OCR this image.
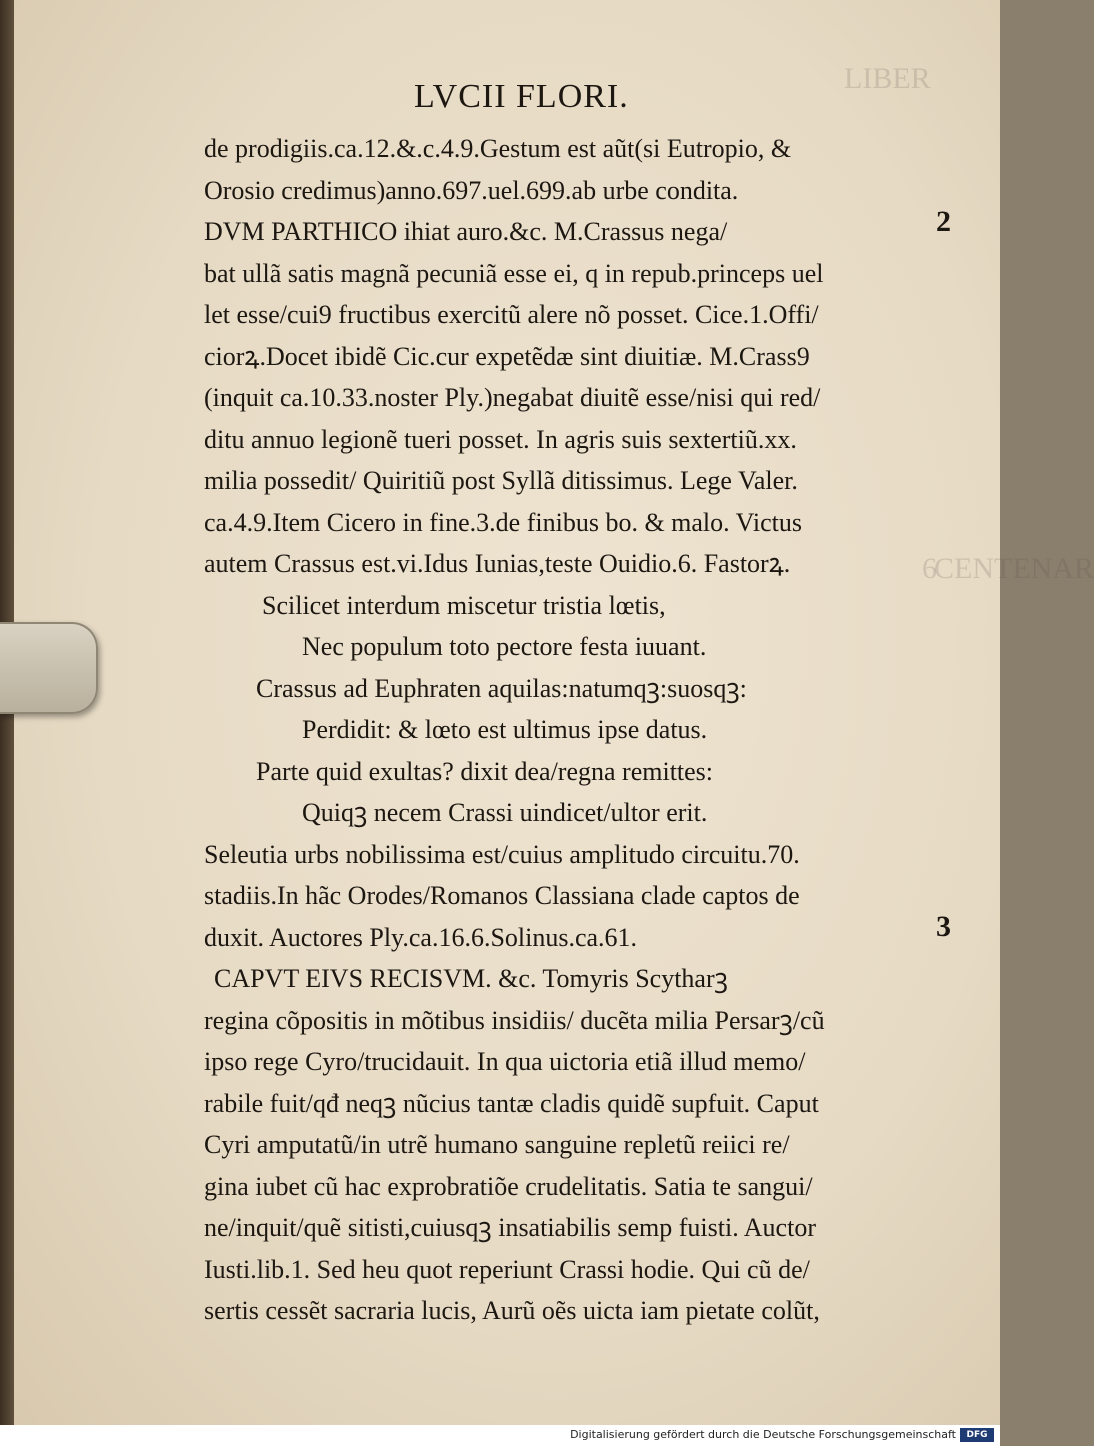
LIBER
CENTENAR
6
LVCII FLORI.
de prodigiis.ca.12.&.c.4.9.Gestum est aũt(si Eutropio, &
Orosio credimus)anno.697.uel.699.ab urbe condita.
DVM PARTHICO ihiat auro.&c. M.Crassus nega/
bat ullã satis magnã pecuniã esse ei, q in repub.princeps uel
let esse/cui9 fructibus exercitũ alere nõ posset. Cice.1.Offi/
ciorꝝ.Docet ibidẽ Cic.cur expetẽdæ sint diuitiæ. M.Crass9
(inquit ca.10.33.noster Ply.)negabat diuitẽ esse/nisi qui red/
ditu annuo legionẽ tueri posset. In agris suis sextertiũ.xx.
milia possedit/ Quiritiũ post Syllã ditissimus. Lege Valer.
ca.4.9.Item Cicero in fine.3.de finibus bo. & malo. Victus
autem Crassus est.vi.Idus Iunias,teste Ouidio.6. Fastorꝝ.
Scilicet interdum miscetur tristia lœtis,
Nec populum toto pectore festa iuuant.
Crassus ad Euphraten aquilas:natumqꝫ:suosqꝫ:
Perdidit: & lœto est ultimus ipse datus.
Parte quid exultas? dixit dea/regna remittes:
Quiqꝫ necem Crassi uindicet/ultor erit.
Seleutia urbs nobilissima est/cuius amplitudo circuitu.70.
stadiis.In hãc Orodes/Romanos Classiana clade captos de
duxit. Auctores Ply.ca.16.6.Solinus.ca.61.
CAPVT EIVS RECISVM. &c. Tomyris Scytharꝫ
regina cõpositis in mõtibus insidiis/ ducẽta milia Persarꝫ/cũ
ipso rege Cyro/trucidauit. In qua uictoria etiã illud memo/
rabile fuit/qđ neqꝫ nũcius tantæ cladis quidẽ supfuit. Caput
Cyri amputatũ/in utrẽ humano sanguine repletũ reiici re/
gina iubet cũ hac exprobratiõe crudelitatis. Satia te sangui/
ne/inquit/quẽ sitisti,cuiusqꝫ insatiabilis semp fuisti. Auctor
Iusti.lib.1. Sed heu quot reperiunt Crassi hodie. Qui cũ de/
sertis cessẽt sacraria lucis, Aurũ oẽs uicta iam pietate colũt,
2
3
Digitalisierung gefördert durch die Deutsche Forschungsgemeinschaft	DFG
